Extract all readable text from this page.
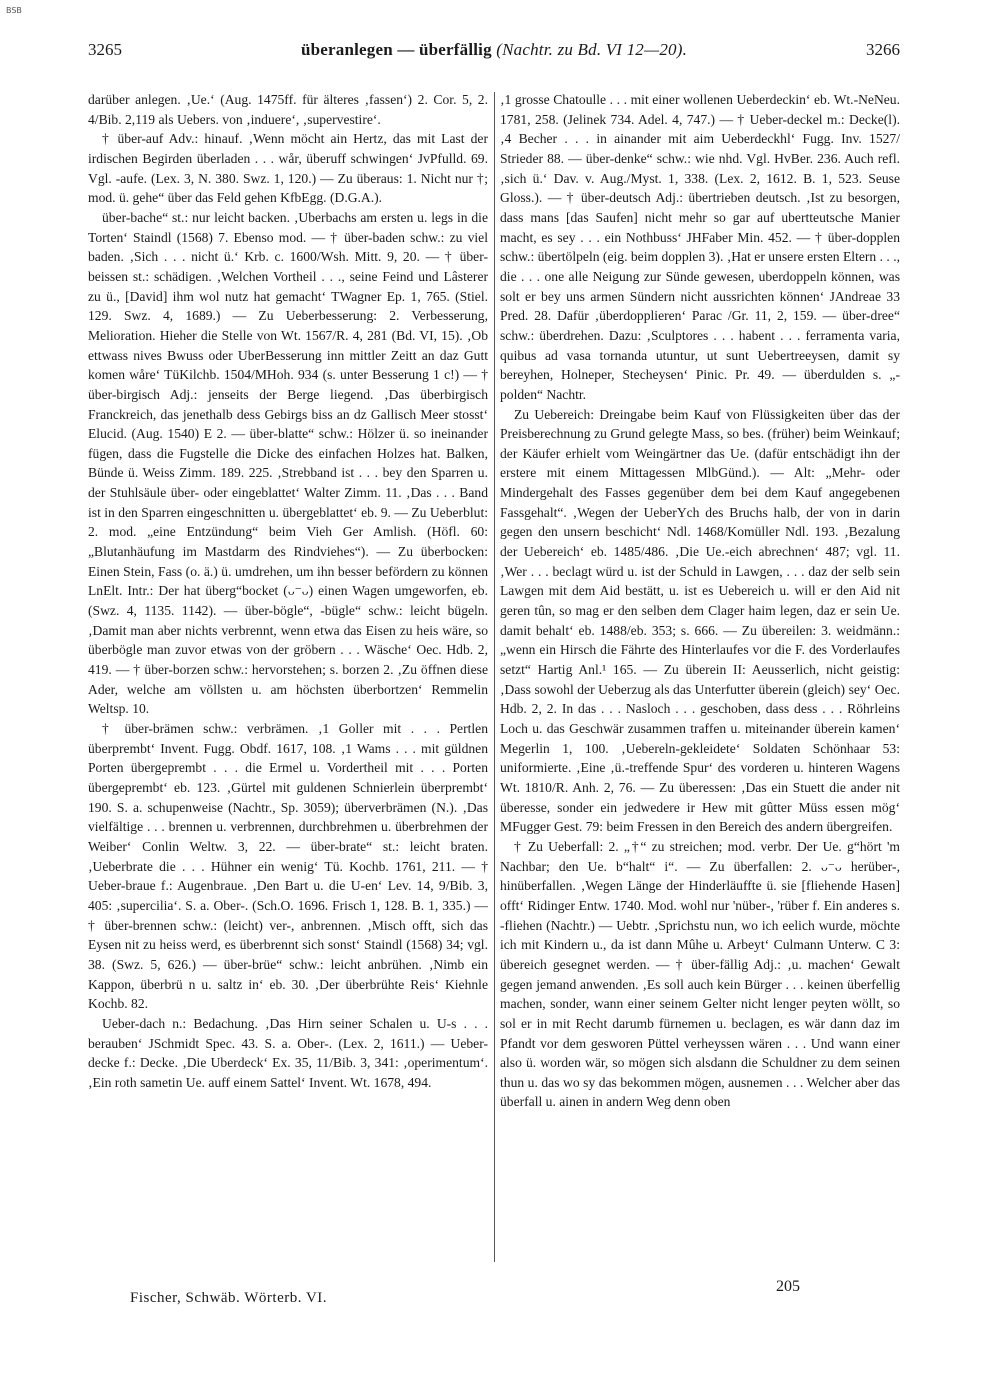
BSB
3265	überanlegen — überfällig (Nachtr. zu Bd. VI 12—20).	3266

darüber anlegen. ‚Ue.‘ (Aug. 1475ff. für älteres ‚fassen‘) 2. Cor. 5, 2. 4/Bib. 2,119 als Uebers. von ‚induere‘, ‚supervestire‘.

† über-auf Adv.: hinauf. ‚Wenn möcht ain Hertz, das mit Last der irdischen Begirden überladen . . . wår, überuff schwingen‘ JvPfulld. 69. Vgl. -aufe. (Lex. 3, N. 380. Swz. 1, 120.) — Zu überaus: 1. Nicht nur †; mod. ü. gehe“ über das Feld gehen KfbEgg. (D.G.A.).

über-bache“ st.: nur leicht backen. ‚Uberbachs am ersten u. legs in die Torten‘ Staindl (1568) 7. Ebenso mod. — † über-baden schw.: zu viel baden. ‚Sich . . . nicht ü.‘ Krb. c. 1600/Wsh. Mitt. 9, 20. — † über-beissen st.: schädigen. ‚Welchen Vortheil . . ., seine Feind und Lâsterer zu ü., [David] ihm wol nutz hat gemacht‘ TWagner Ep. 1, 765. (Stiel. 129. Swz. 4, 1689.) — Zu Ueberbesserung: 2. Verbesserung, Melioration. Hieher die Stelle von Wt. 1567/R. 4, 281 (Bd. VI, 15). ‚Ob ettwass nives Bwuss oder UberBesserung inn mittler Zeitt an daz Gutt komen wåre‘ TüKilchb. 1504/MHoh. 934 (s. unter Besserung 1 c!) — † über-birgisch Adj.: jenseits der Berge liegend. ‚Das überbirgisch Franckreich, das jenethalb dess Gebirgs biss an dz Gallisch Meer stosst‘ Elucid. (Aug. 1540) E 2. — über-blatte“ schw.: Hölzer ü. so ineinander fügen, dass die Fugstelle die Dicke des einfachen Holzes hat. Balken, Bünde ü. Weiss Zimm. 189. 225. ‚Strebband ist . . . bey den Sparren u. der Stuhlsäule über- oder eingeblattet‘ Walter Zimm. 11. ‚Das . . . Band ist in den Sparren eingeschnitten u. übergeblattet‘ eb. 9. — Zu Ueberblut: 2. mod. „eine Entzündung“ beim Vieh Ger Amlish. (Höfl. 60: „Blutanhäufung im Mastdarm des Rindviehes“). — Zu überbocken: Einen Stein, Fass (o. ä.) ü. umdrehen, um ihn besser befördern zu können LnElt. Intr.: Der hat überg“bocket (ᴗ⁻ᴗ) einen Wagen umgeworfen, eb. (Swz. 4, 1135. 1142). — über-bögle“, -bügle“ schw.: leicht bügeln. ‚Damit man aber nichts verbrennt, wenn etwa das Eisen zu heis wäre, so überbögle man zuvor etwas von der gröbern . . . Wäsche‘ Oec. Hdb. 2, 419. — † über-borzen schw.: hervorstehen; s. borzen 2. ‚Zu öffnen diese Ader, welche am völlsten u. am höchsten überbortzen‘ Remmelin Weltsp. 10.

† über-brämen schw.: verbrämen. ‚1 Goller mit . . . Pertlen überprembt‘ Invent. Fugg. Obdf. 1617, 108. ‚1 Wams . . . mit güldnen Porten übergeprembt . . . die Ermel u. Vordertheil mit . . . Porten übergeprembt‘ eb. 123. ‚Gürtel mit guldenen Schnierlein überprembt‘ 190. S. a. schupenweise (Nachtr., Sp. 3059); überverbrämen (N.). ‚Das vielfältige . . . brennen u. verbrennen, durchbrehmen u. überbrehmen der Weiber‘ Conlin Weltw. 3, 22. — über-brate“ st.: leicht braten. ‚Ueberbrate die . . . Hühner ein wenig‘ Tü. Kochb. 1761, 211. — † Ueber-braue f.: Augenbraue. ‚Den Bart u. die U-en‘ Lev. 14, 9/Bib. 3, 405: ‚supercilia‘. S. a. Ober-. (Sch.O. 1696. Frisch 1, 128. B. 1, 335.) — † über-brennen schw.: (leicht) ver-, anbrennen. ‚Misch offt, sich das Eysen nit zu heiss werd, es überbrennt sich sonst‘ Staindl (1568) 34; vgl. 38. (Swz. 5, 626.) — über-brüe“ schw.: leicht anbrühen. ‚Nimb ein Kappon, überbrü n u. saltz in‘ eb. 30. ‚Der überbrühte Reis‘ Kiehnle Kochb. 82.

Ueber-dach n.: Bedachung. ‚Das Hirn seiner Schalen u. U-s . . . berauben‘ JSchmidt Spec. 43. S. a. Ober-. (Lex. 2, 1611.) — Ueber-decke f.: Decke. ‚Die Uberdeck‘ Ex. 35, 11/Bib. 3, 341: ‚operimentum‘. ‚Ein roth sametin Ue. auff einem Sattel‘ Invent. Wt. 1678, 494.

‚1 grosse Chatoulle . . . mit einer wollenen Ueberdeckin‘ eb. Wt.-NeNeu. 1781, 258. (Jelinek 734. Adel. 4, 747.) — † Ueber-deckel m.: Decke(l). ‚4 Becher . . . in ainander mit aim Ueberdeckhl‘ Fugg. Inv. 1527/ Strieder 88. — über-denke“ schw.: wie nhd. Vgl. HvBer. 236. Auch refl. ‚sich ü.‘ Dav. v. Aug./Myst. 1, 338. (Lex. 2, 1612. B. 1, 523. Seuse Gloss.). — † über-deutsch Adj.: übertrieben deutsch. ‚Ist zu besorgen, dass mans [das Saufen] nicht mehr so gar auf ubertteutsche Manier macht, es sey . . . ein Nothbuss‘ JHFaber Min. 452. — † über-dopplen schw.: übertölpeln (eig. beim dopplen 3). ‚Hat er unsere ersten Eltern . . ., die . . . one alle Neigung zur Sünde gewesen, uberdoppeln können, was solt er bey uns armen Sündern nicht aussrichten können‘ JAndreae 33 Pred. 28. Dafür ‚überdopplieren‘ Parac /Gr. 11, 2, 159. — über-dree“ schw.: überdrehen. Dazu: ‚Sculptores . . . habent . . . ferramenta varia, quibus ad vasa tornanda utuntur, ut sunt Uebertreeysen, damit sy bereyhen, Holneper, Stecheysen‘ Pinic. Pr. 49. — überdulden s. „-polden“ Nachtr.

Zu Uebereich: Dreingabe beim Kauf von Flüssigkeiten über das der Preisberechnung zu Grund gelegte Mass, so bes. (früher) beim Weinkauf; der Käufer erhielt vom Weingärtner das Ue. (dafür entschädigt ihn der erstere mit einem Mittagessen MlbGünd.). — Alt: „Mehr- oder Mindergehalt des Fasses gegenüber dem bei dem Kauf angegebenen Fassgehalt“. ‚Wegen der UeberYch des Bruchs halb, der von in darin gegen den unsern beschicht‘ Ndl. 1468/Komüller Ndl. 193. ‚Bezalung der Uebereich‘ eb. 1485/486. ‚Die Ue.-eich abrechnen‘ 487; vgl. 11. ‚Wer . . . beclagt würd u. ist der Schuld in Lawgen, . . . daz der selb sein Lawgen mit dem Aid bestätt, u. ist es Uebereich u. will er den Aid nit geren tûn, so mag er den selben dem Clager haim legen, daz er sein Ue. damit behalt‘ eb. 1488/eb. 353; s. 666. — Zu übereilen: 3. weidmänn.: „wenn ein Hirsch die Fährte des Hinterlaufes vor die F. des Vorderlaufes setzt“ Hartig Anl.¹ 165. — Zu überein II: Aeusserlich, nicht geistig: ‚Dass sowohl der Ueberzug als das Unterfutter überein (gleich) sey‘ Oec. Hdb. 2, 2. In das . . . Nasloch . . . geschoben, dass dess . . . Röhrleins Loch u. das Geschwär zusammen traffen u. miteinander überein kamen‘ Megerlin 1, 100. ‚Uebereln-gekleidete‘ Soldaten Schönhaar 53: uniformierte. ‚Eine ‚ü.-treffende Spur‘ des vorderen u. hinteren Wagens Wt. 1810/R. Anh. 2, 76. — Zu überessen: ‚Das ein Stuett die ander nit überesse, sonder ein jedwedere ir Hew mit gûtter Müss essen mög‘ MFugger Gest. 79: beim Fressen in den Bereich des andern übergreifen.

† Zu Ueberfall: 2. „†“ zu streichen; mod. verbr. Der Ue. g“hört 'm Nachbar; den Ue. b“halt“ i“. — Zu überfallen: 2. ᴗ⁻ᴗ herüber-, hinüberfallen. ‚Wegen Länge der Hinderläuffte ü. sie [fliehende Hasen] offt‘ Ridinger Entw. 1740. Mod. wohl nur 'nüber-, 'rüber f. Ein anderes s. -fliehen (Nachtr.) — Uebtr. ‚Sprichstu nun, wo ich eelich wurde, möchte ich mit Kindern u., da ist dann Mûhe u. Arbeyt‘ Culmann Unterw. C 3: übereich gesegnet werden. — † über-fällig Adj.: ‚u. machen‘ Gewalt gegen jemand anwenden. ‚Es soll auch kein Bürger . . . keinen überfellig machen, sonder, wann einer seinem Gelter nicht lenger peyten wöllt, so sol er in mit Recht darumb fürnemen u. beclagen, es wär dann daz im Pfandt vor dem gesworen Püttel verheyssen wären . . . Und wann einer also ü. worden wär, so mögen sich alsdann die Schuldner zu dem seinen thun u. das wo sy das bekommen mögen, ausnemen . . . Welcher aber das überfall u. ainen in andern Weg denn oben

Fischer, Schwäb. Wörterb. VI.
205
